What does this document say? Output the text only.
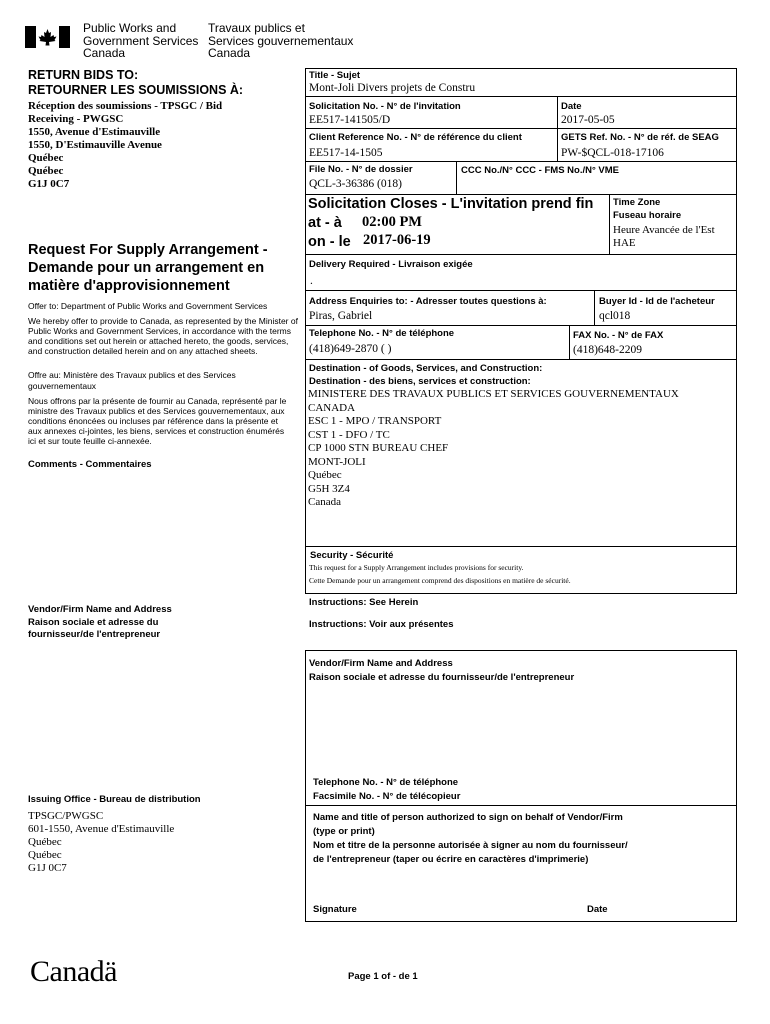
Public Works and
Government Services
Canada
Travaux publics et
Services gouvernementaux
Canada
RETURN BIDS TO:
RETOURNER LES SOUMISSIONS À:
Réception des soumissions - TPSGC / Bid
Receiving - PWGSC
1550, Avenue d'Estimauville
1550, D'Estimauville Avenue
Québec
Québec
G1J 0C7
Request For Supply Arrangement -
Demande pour un arrangement en
matière d'approvisionnement
Offer to: Department of Public Works and Government Services
We hereby offer to provide to Canada, as represented by the Minister of Public Works and Government Services, in accordance with the terms and conditions set out herein or attached hereto, the goods, services, and construction detailed herein and on any attached sheets.
Offre au: Ministère des Travaux publics et des Services gouvernementaux
Nous offrons par la présente de fournir au Canada, représenté par le ministre des Travaux publics et des Services gouvernementaux, aux conditions énoncées ou incluses par référence dans la présente et aux annexes ci-jointes, les biens, services et construction énumérés ici et sur toute feuille ci-annexée.
Comments - Commentaires
Vendor/Firm Name and Address
Raison sociale et adresse du
fournisseur/de l'entrepreneur
Issuing Office - Bureau de distribution
TPSGC/PWGSC
601-1550, Avenue d'Estimauville
Québec
Québec
G1J 0C7
Title - Sujet
Mont-Joli Divers projets de Constru
Solicitation No. - N° de l'invitation
EE517-141505/D
Date
2017-05-05
Client Reference No. - N° de référence du client
EE517-14-1505
GETS Ref. No. - N° de réf. de SEAG
PW-$QCL-018-17106
File No. - N° de dossier
QCL-3-36386 (018)
CCC No./N° CCC - FMS No./N° VME
Solicitation Closes - L'invitation prend fin
at - à 02:00 PM
on - le 2017-06-19
Time Zone
Fuseau horaire
Heure Avancée de l'Est
HAE
Delivery Required - Livraison exigée
.
Address Enquiries to: - Adresser toutes questions à:
Piras, Gabriel
Buyer Id - Id de l'acheteur
qcl018
Telephone No. - N° de téléphone
(418)649-2870 ( )
FAX No. - N° de FAX
(418)648-2209
Destination - of Goods, Services, and Construction:
Destination - des biens, services et construction:
MINISTERE DES TRAVAUX PUBLICS ET SERVICES GOUVERNEMENTAUX
CANADA
ESC 1 - MPO / TRANSPORT
CST 1 - DFO / TC
CP 1000 STN BUREAU CHEF
MONT-JOLI
Québec
G5H 3Z4
Canada
Security - Sécurité
This request for a Supply Arrangement includes provisions for security.
Cette Demande pour un arrangement comprend des dispositions en matière de sécurité.
Instructions: See Herein
Instructions: Voir aux présentes
Vendor/Firm Name and Address
Raison sociale et adresse du fournisseur/de l'entrepreneur
Telephone No. - N° de téléphone
Facsimile No. - N° de télécopieur
Name and title of person authorized to sign on behalf of Vendor/Firm
(type or print)
Nom et titre de la personne autorisée à signer au nom du fournisseur/
de l'entrepreneur (taper ou écrire en caractères d'imprimerie)
Signature	Date
Canadä	Page 1 of - de 1
